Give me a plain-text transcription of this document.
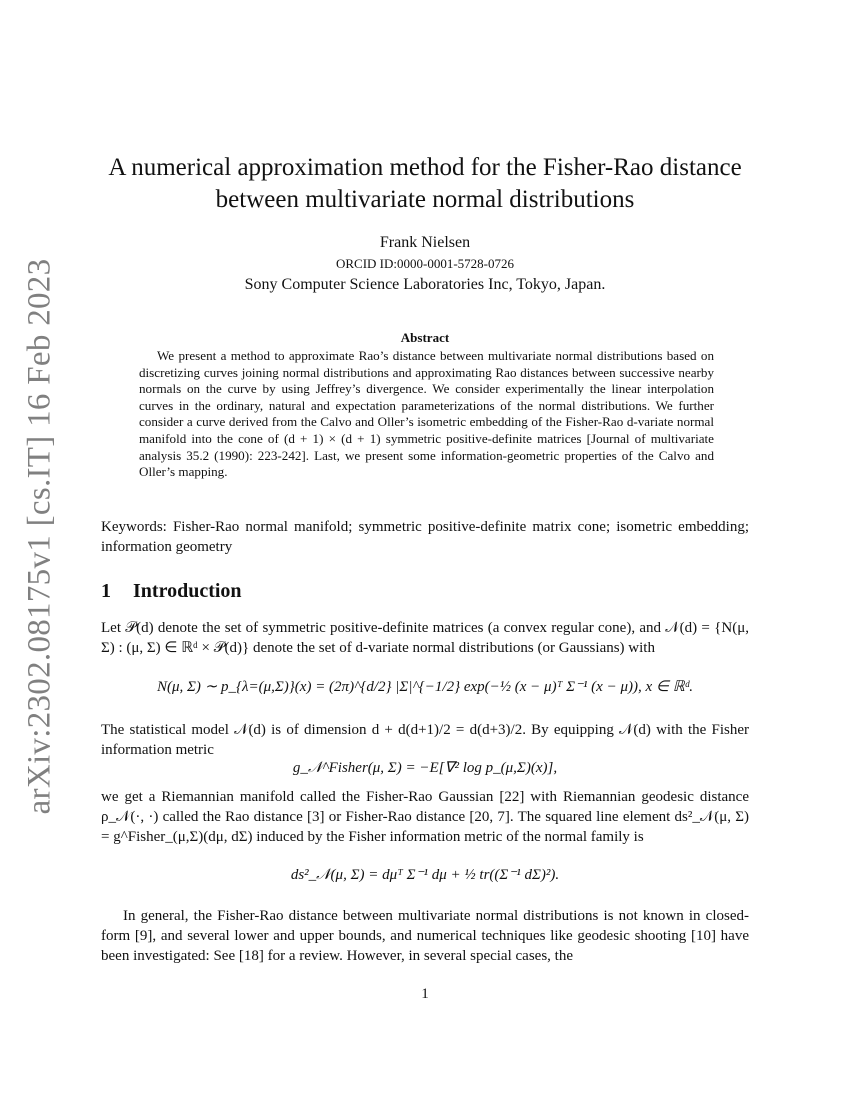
arXiv:2302.08175v1 [cs.IT] 16 Feb 2023
A numerical approximation method for the Fisher-Rao distance
between multivariate normal distributions
Frank Nielsen
ORCID ID:0000-0001-5728-0726
Sony Computer Science Laboratories Inc, Tokyo, Japan.
Abstract
We present a method to approximate Rao’s distance between multivariate normal distributions based on discretizing curves joining normal distributions and approximating Rao distances between successive nearby normals on the curve by using Jeffrey’s divergence. We consider experimentally the linear interpolation curves in the ordinary, natural and expectation parameterizations of the normal distributions. We further consider a curve derived from the Calvo and Oller’s isometric embedding of the Fisher-Rao d-variate normal manifold into the cone of (d + 1) × (d + 1) symmetric positive-definite matrices [Journal of multivariate analysis 35.2 (1990): 223-242]. Last, we present some information-geometric properties of the Calvo and Oller’s mapping.
Keywords: Fisher-Rao normal manifold; symmetric positive-definite matrix cone; isometric embedding; information geometry
1 Introduction
Let 𝒫(d) denote the set of symmetric positive-definite matrices (a convex regular cone), and 𝒩(d) = {N(μ, Σ) : (μ, Σ) ∈ ℝᵈ × 𝒫(d)} denote the set of d-variate normal distributions (or Gaussians) with
N(μ, Σ) ∼ p_{λ=(μ,Σ)}(x) = (2π)^{d/2} |Σ|^{−1/2} exp(−½ (x − μ)ᵀ Σ⁻¹ (x − μ)), x ∈ ℝᵈ.
The statistical model 𝒩(d) is of dimension d + d(d+1)/2 = d(d+3)/2. By equipping 𝒩(d) with the Fisher information metric
g_𝒩^Fisher(μ, Σ) = −E[∇² log p_(μ,Σ)(x)],
we get a Riemannian manifold called the Fisher-Rao Gaussian [22] with Riemannian geodesic distance ρ_𝒩(·, ·) called the Rao distance [3] or Fisher-Rao distance [20, 7]. The squared line element ds²_𝒩(μ, Σ) = g^Fisher_(μ,Σ)(dμ, dΣ) induced by the Fisher information metric of the normal family is
ds²_𝒩(μ, Σ) = dμᵀ Σ⁻¹ dμ + ½ tr((Σ⁻¹ dΣ)²).
In general, the Fisher-Rao distance between multivariate normal distributions is not known in closed-form [9], and several lower and upper bounds, and numerical techniques like geodesic shooting [10] have been investigated: See [18] for a review. However, in several special cases, the
1
